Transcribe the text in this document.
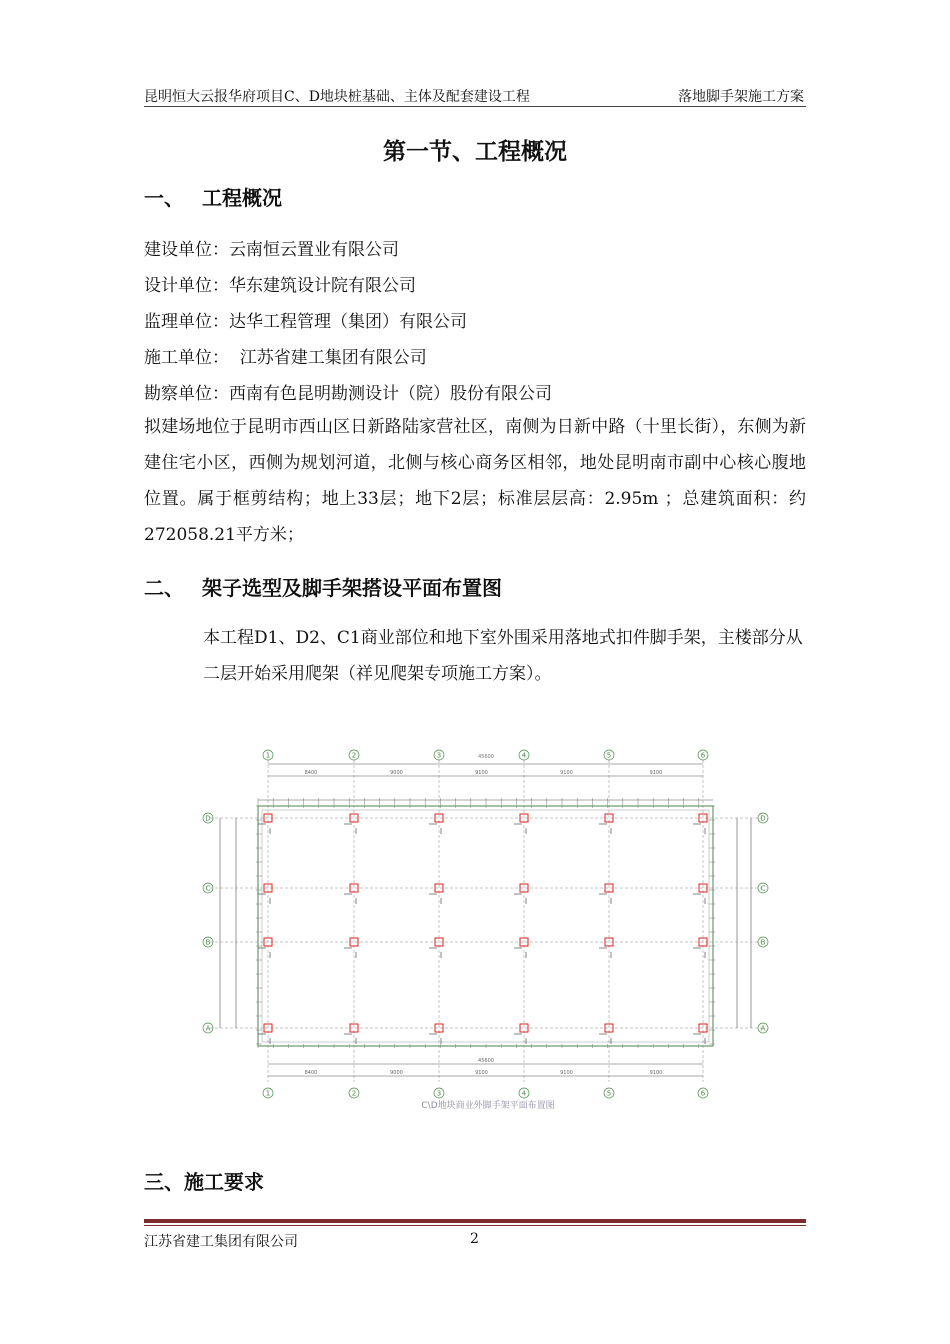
昆明恒大云报华府项目C、D地块桩基础、主体及配套建设工程	落地脚手架施工方案
第一节、工程概况
一、 工程概况
建设单位：云南恒云置业有限公司
设计单位：华东建筑设计院有限公司
监理单位：达华工程管理（集团）有限公司
施工单位：  江苏省建工集团有限公司
勘察单位：西南有色昆明勘测设计（院）股份有限公司
拟建场地位于昆明市西山区日新路陆家营社区，南侧为日新中路（十里长街），东侧为新建住宅小区，西侧为规划河道，北侧与核心商务区相邻，地处昆明南市副中心核心腹地位置。属于框剪结构；地上33层；地下2层；标准层层高：2.95m ；总建筑面积：约272058.21平方米；
二、 架子选型及脚手架搭设平面布置图
本工程D1、D2、C1商业部位和地下室外围采用落地式扣件脚手架，主楼部分从二层开始采用爬架（祥见爬架专项施工方案）。
45600
C\D地块商业外脚手架平面布置图
1
1
2
2
3
3
4
4
5
5
6
6
D	D
C	C
B	B
A	A
8400
8400
9000
9000
9100
9100
9100
9100
9100
9100
45600
三、施工要求
江苏省建工集团有限公司	2
